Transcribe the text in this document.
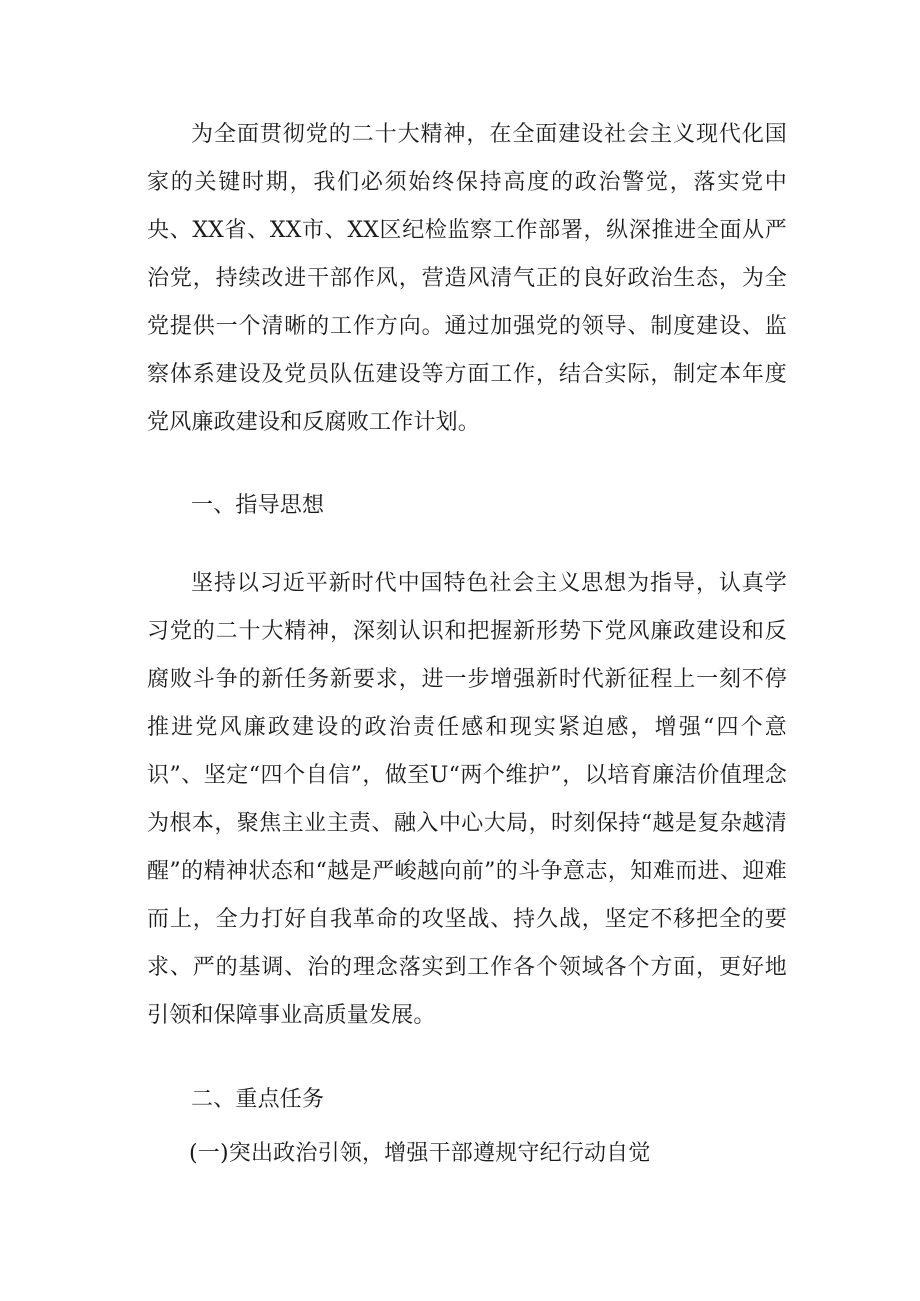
为全面贯彻党的二十大精神，在全面建设社会主义现代化国家的关键时期，我们必须始终保持高度的政治警觉，落实党中央、XX省、XX市、XX区纪检监察工作部署，纵深推进全面从严治党，持续改进干部作风，营造风清气正的良好政治生态，为全党提供一个清晰的工作方向。通过加强党的领导、制度建设、监察体系建设及党员队伍建设等方面工作，结合实际，制定本年度党风廉政建设和反腐败工作计划。

一、指导思想

坚持以习近平新时代中国特色社会主义思想为指导，认真学习党的二十大精神，深刻认识和把握新形势下党风廉政建设和反腐败斗争的新任务新要求，进一步增强新时代新征程上一刻不停推进党风廉政建设的政治责任感和现实紧迫感，增强“四个意识”、坚定“四个自信”，做至U“两个维护”，以培育廉洁价值理念为根本，聚焦主业主责、融入中心大局，时刻保持“越是复杂越清醒”的精神状态和“越是严峻越向前”的斗争意志，知难而进、迎难而上，全力打好自我革命的攻坚战、持久战，坚定不移把全的要求、严的基调、治的理念落实到工作各个领域各个方面，更好地引领和保障事业高质量发展。

二、重点任务

(一)突出政治引领，增强干部遵规守纪行动自觉
